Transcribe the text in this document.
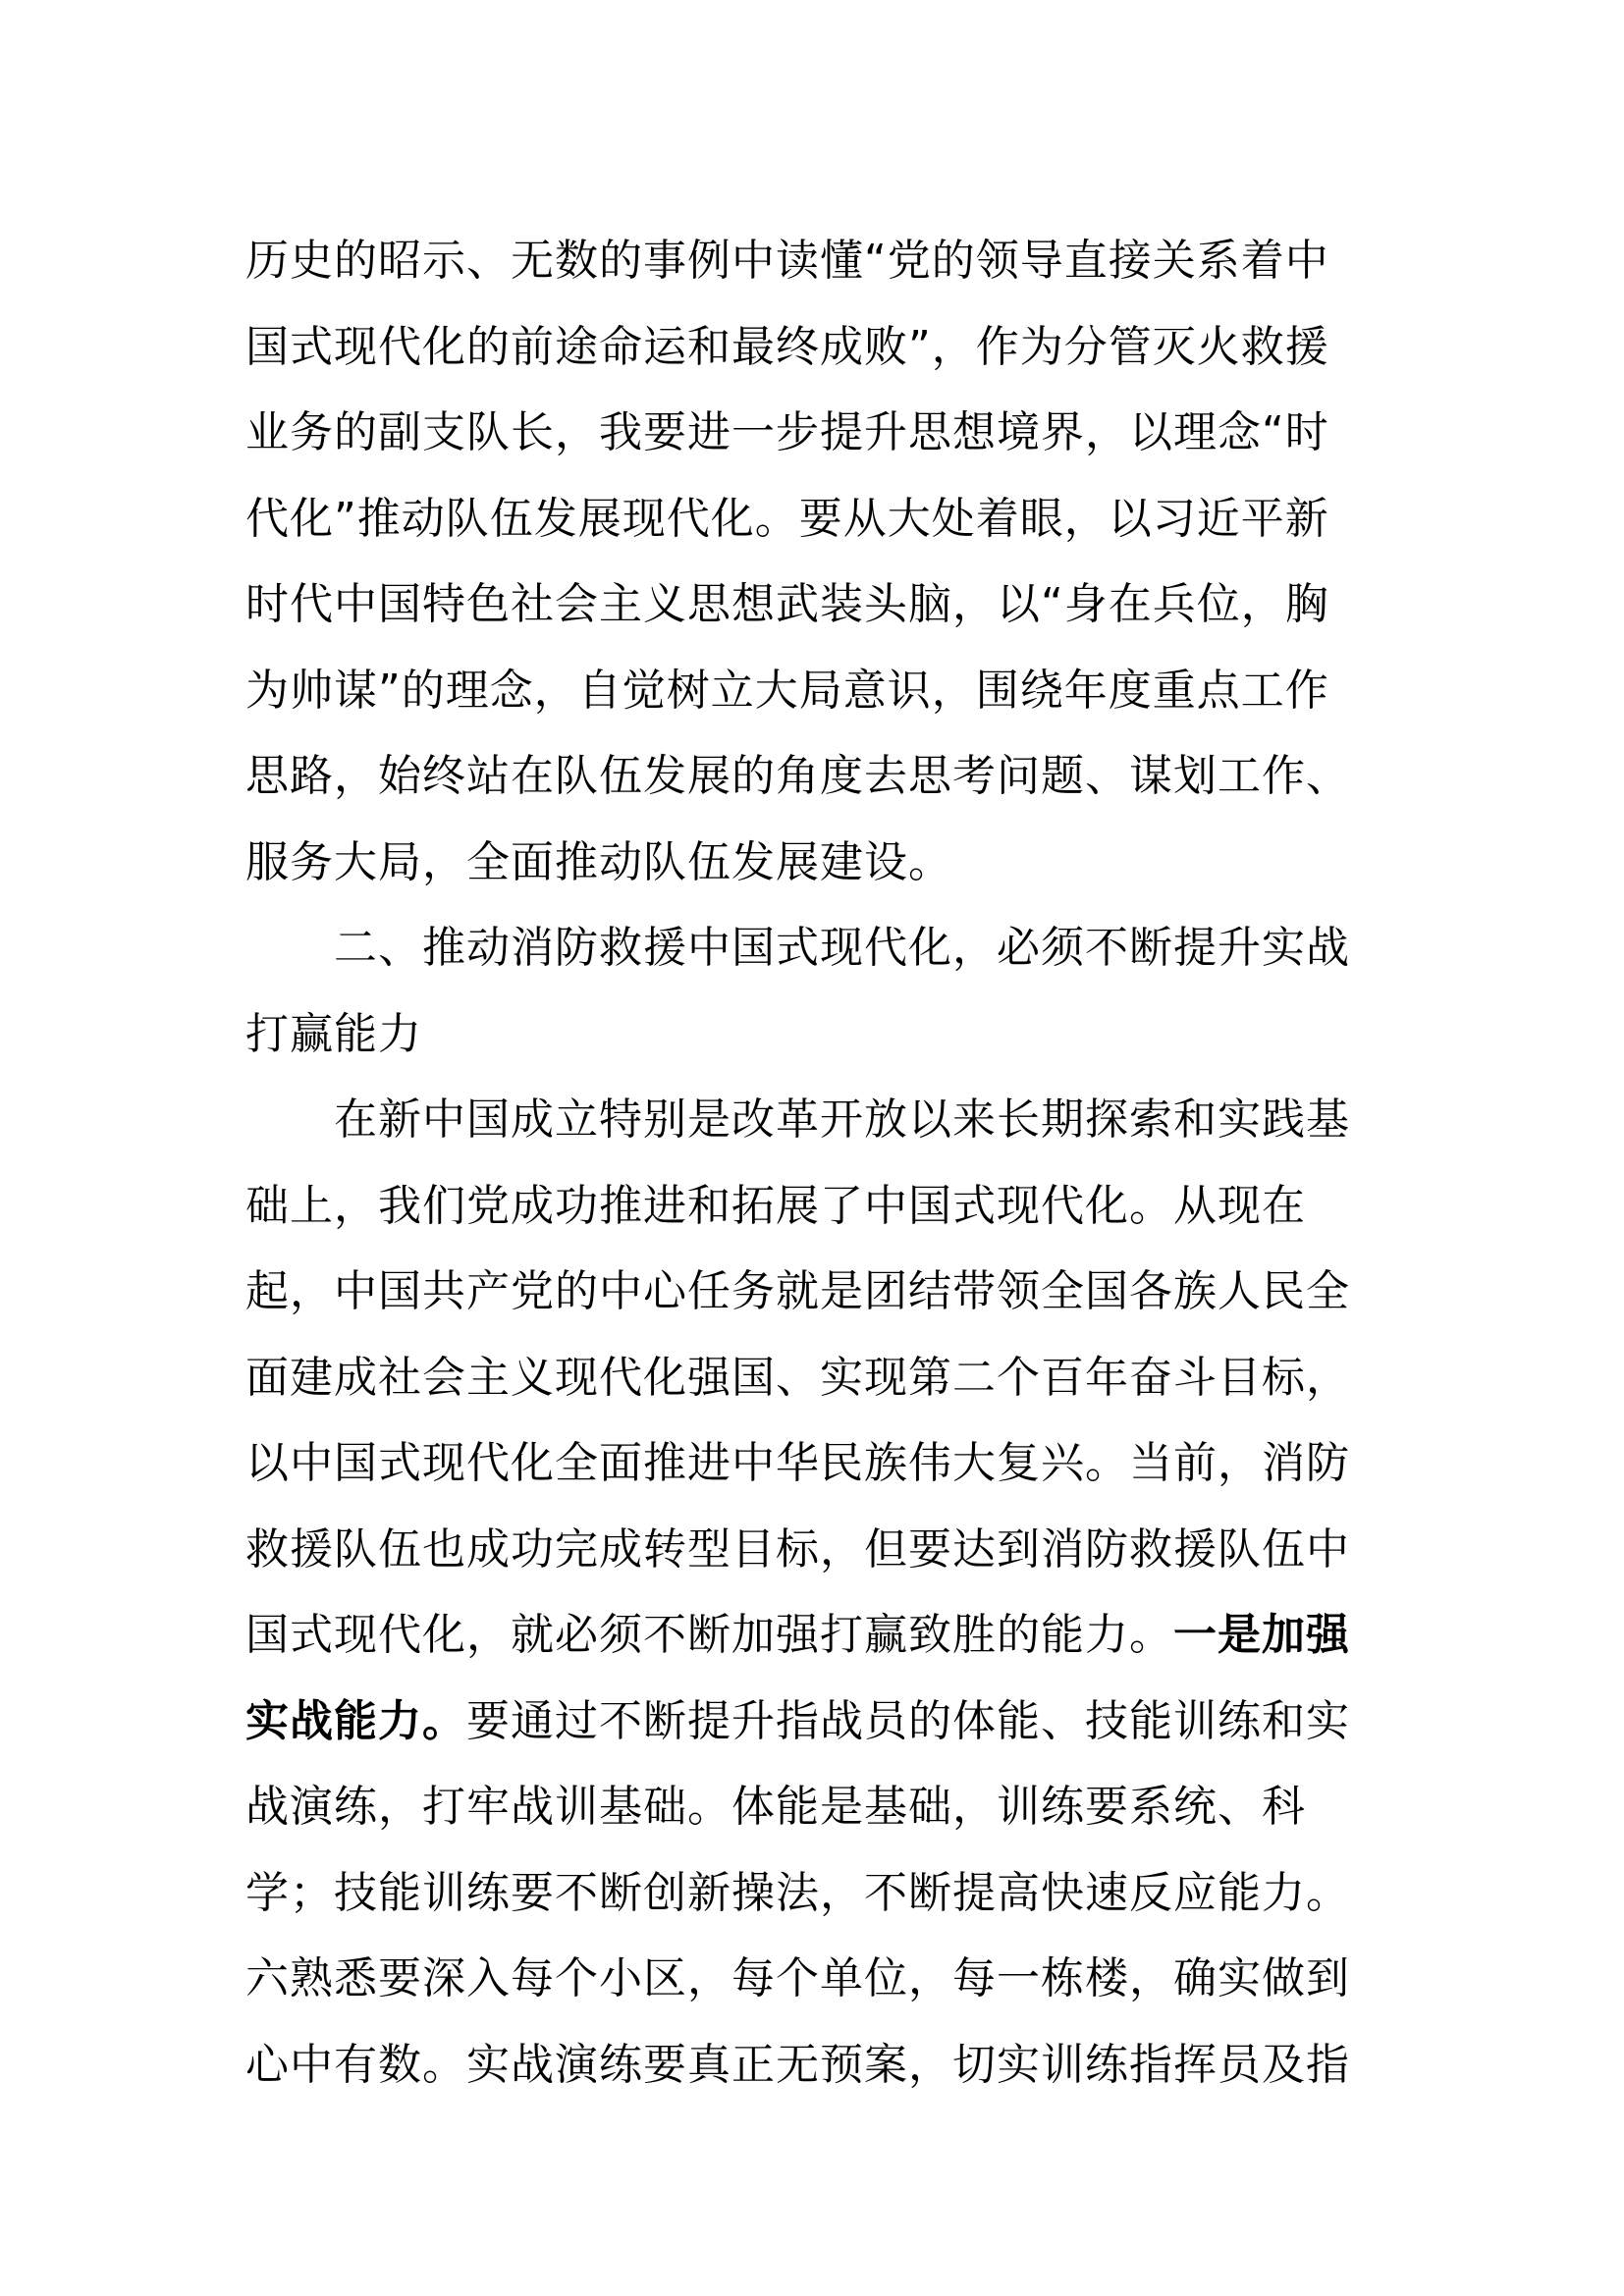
历史的昭示、无数的事例中读懂“党的领导直接关系着中
国式现代化的前途命运和最终成败”，作为分管灭火救援
业务的副支队长，我要进一步提升思想境界，以理念“时
代化”推动队伍发展现代化。要从大处着眼，以习近平新
时代中国特色社会主义思想武装头脑，以“身在兵位，胸
为帅谋”的理念，自觉树立大局意识，围绕年度重点工作
思路，始终站在队伍发展的角度去思考问题、谋划工作、
服务大局，全面推动队伍发展建设。
二、推动消防救援中国式现代化，必须不断提升实战
打赢能力
在新中国成立特别是改革开放以来长期探索和实践基
础上，我们党成功推进和拓展了中国式现代化。从现在
起，中国共产党的中心任务就是团结带领全国各族人民全
面建成社会主义现代化强国、实现第二个百年奋斗目标，
以中国式现代化全面推进中华民族伟大复兴。当前，消防
救援队伍也成功完成转型目标，但要达到消防救援队伍中
国式现代化，就必须不断加强打赢致胜的能力。一是加强
实战能力。要通过不断提升指战员的体能、技能训练和实
战演练，打牢战训基础。体能是基础，训练要系统、科
学；技能训练要不断创新操法，不断提高快速反应能力。
六熟悉要深入每个小区，每个单位，每一栋楼，确实做到
心中有数。实战演练要真正无预案，切实训练指挥员及指
